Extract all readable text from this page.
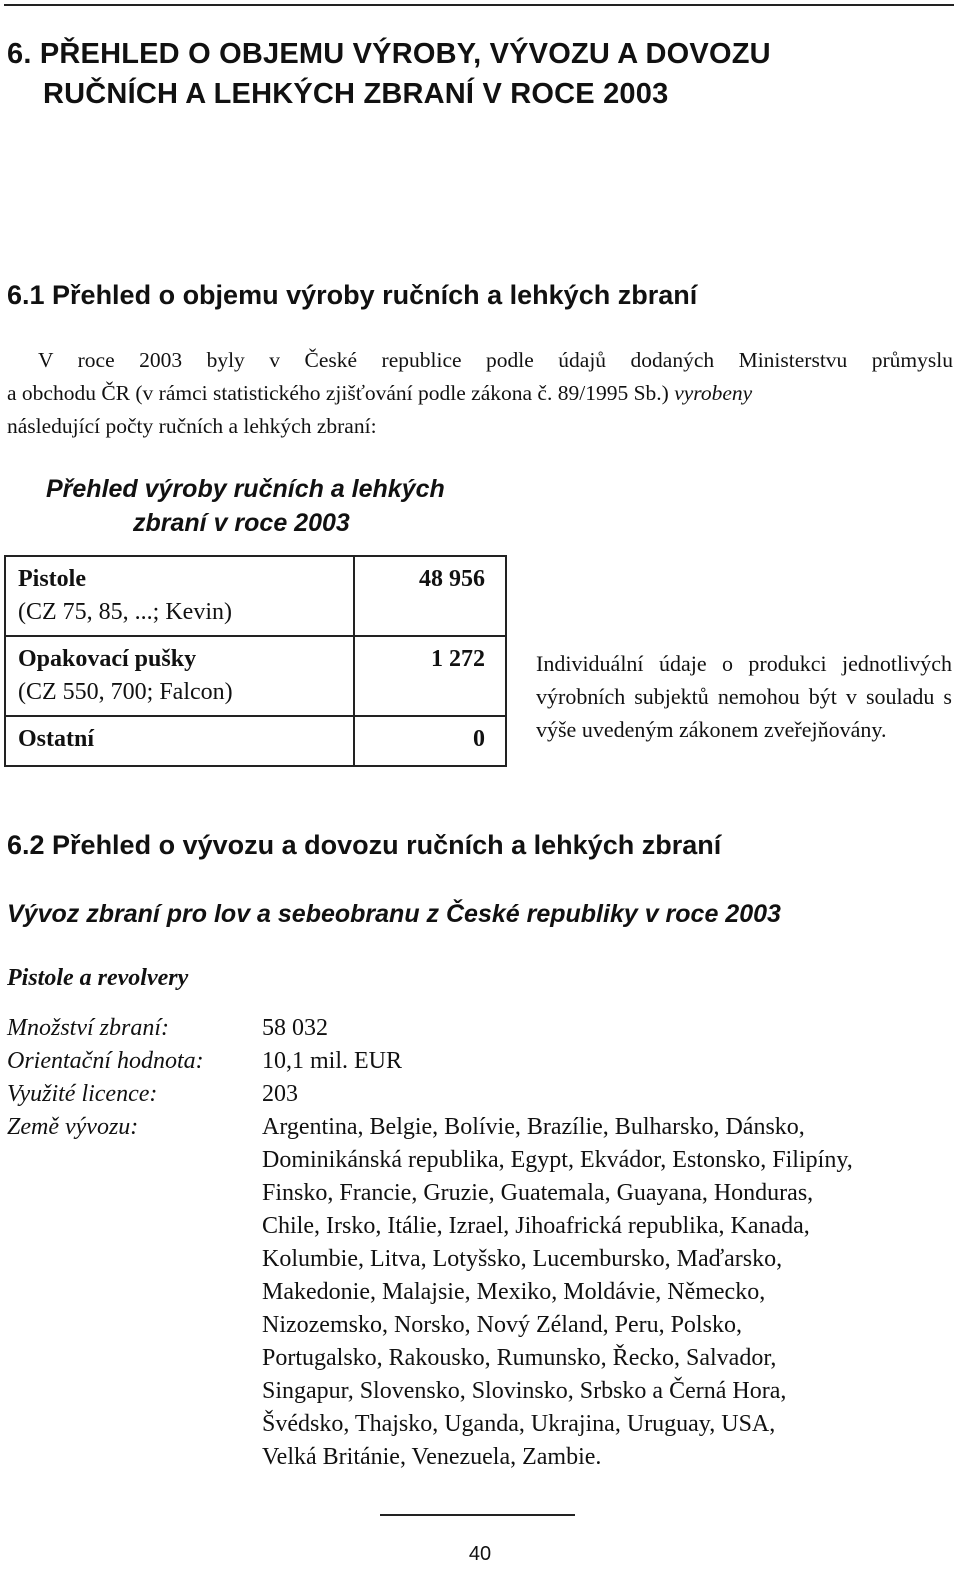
6. PŘEHLED O OBJEMU VÝROBY, VÝVOZU A DOVOZU
RUČNÍCH A LEHKÝCH ZBRANÍ V ROCE 2003
6.1 Přehled o objemu výroby ručních a lehkých zbraní
V roce 2003 byly v České republice podle údajů dodaných Ministerstvu průmyslu
a obchodu ČR (v rámci statistického zjišťování podle zákona č. 89/1995 Sb.) vyrobeny
následující počty ručních a lehkých zbraní:
Přehled výroby ručních a lehkých
zbraní v roce 2003
Pistole
(CZ 75, 85, ...; Kevin)	48 956

Opakovací pušky
(CZ 550, 700; Falcon)	1 272

Ostatní	0
Individuální údaje o produkci jednotlivých výrobních subjektů nemohou být v souladu s výše uvedeným zákonem zveřejňovány.
6.2 Přehled o vývozu a dovozu ručních a lehkých zbraní
Vývoz zbraní pro lov a sebeobranu z České republiky v roce 2003
Pistole a revolvery
Množství zbraní:	58 032
Orientační hodnota:	10,1 mil. EUR
Využité licence:	203
Země vývozu:	Argentina, Belgie, Bolívie, Brazílie, Bulharsko, Dánsko,
Dominikánská republika, Egypt, Ekvádor, Estonsko, Filipíny,
Finsko, Francie, Gruzie, Guatemala, Guayana, Honduras,
Chile, Irsko, Itálie, Izrael, Jihoafrická republika, Kanada,
Kolumbie, Litva, Lotyšsko, Lucembursko, Maďarsko,
Makedonie, Malajsie, Mexiko, Moldávie, Německo,
Nizozemsko, Norsko, Nový Zéland, Peru, Polsko,
Portugalsko, Rakousko, Rumunsko, Řecko, Salvador,
Singapur, Slovensko, Slovinsko, Srbsko a Černá Hora,
Švédsko, Thajsko, Uganda, Ukrajina, Uruguay, USA,
Velká Británie, Venezuela, Zambie.
40
